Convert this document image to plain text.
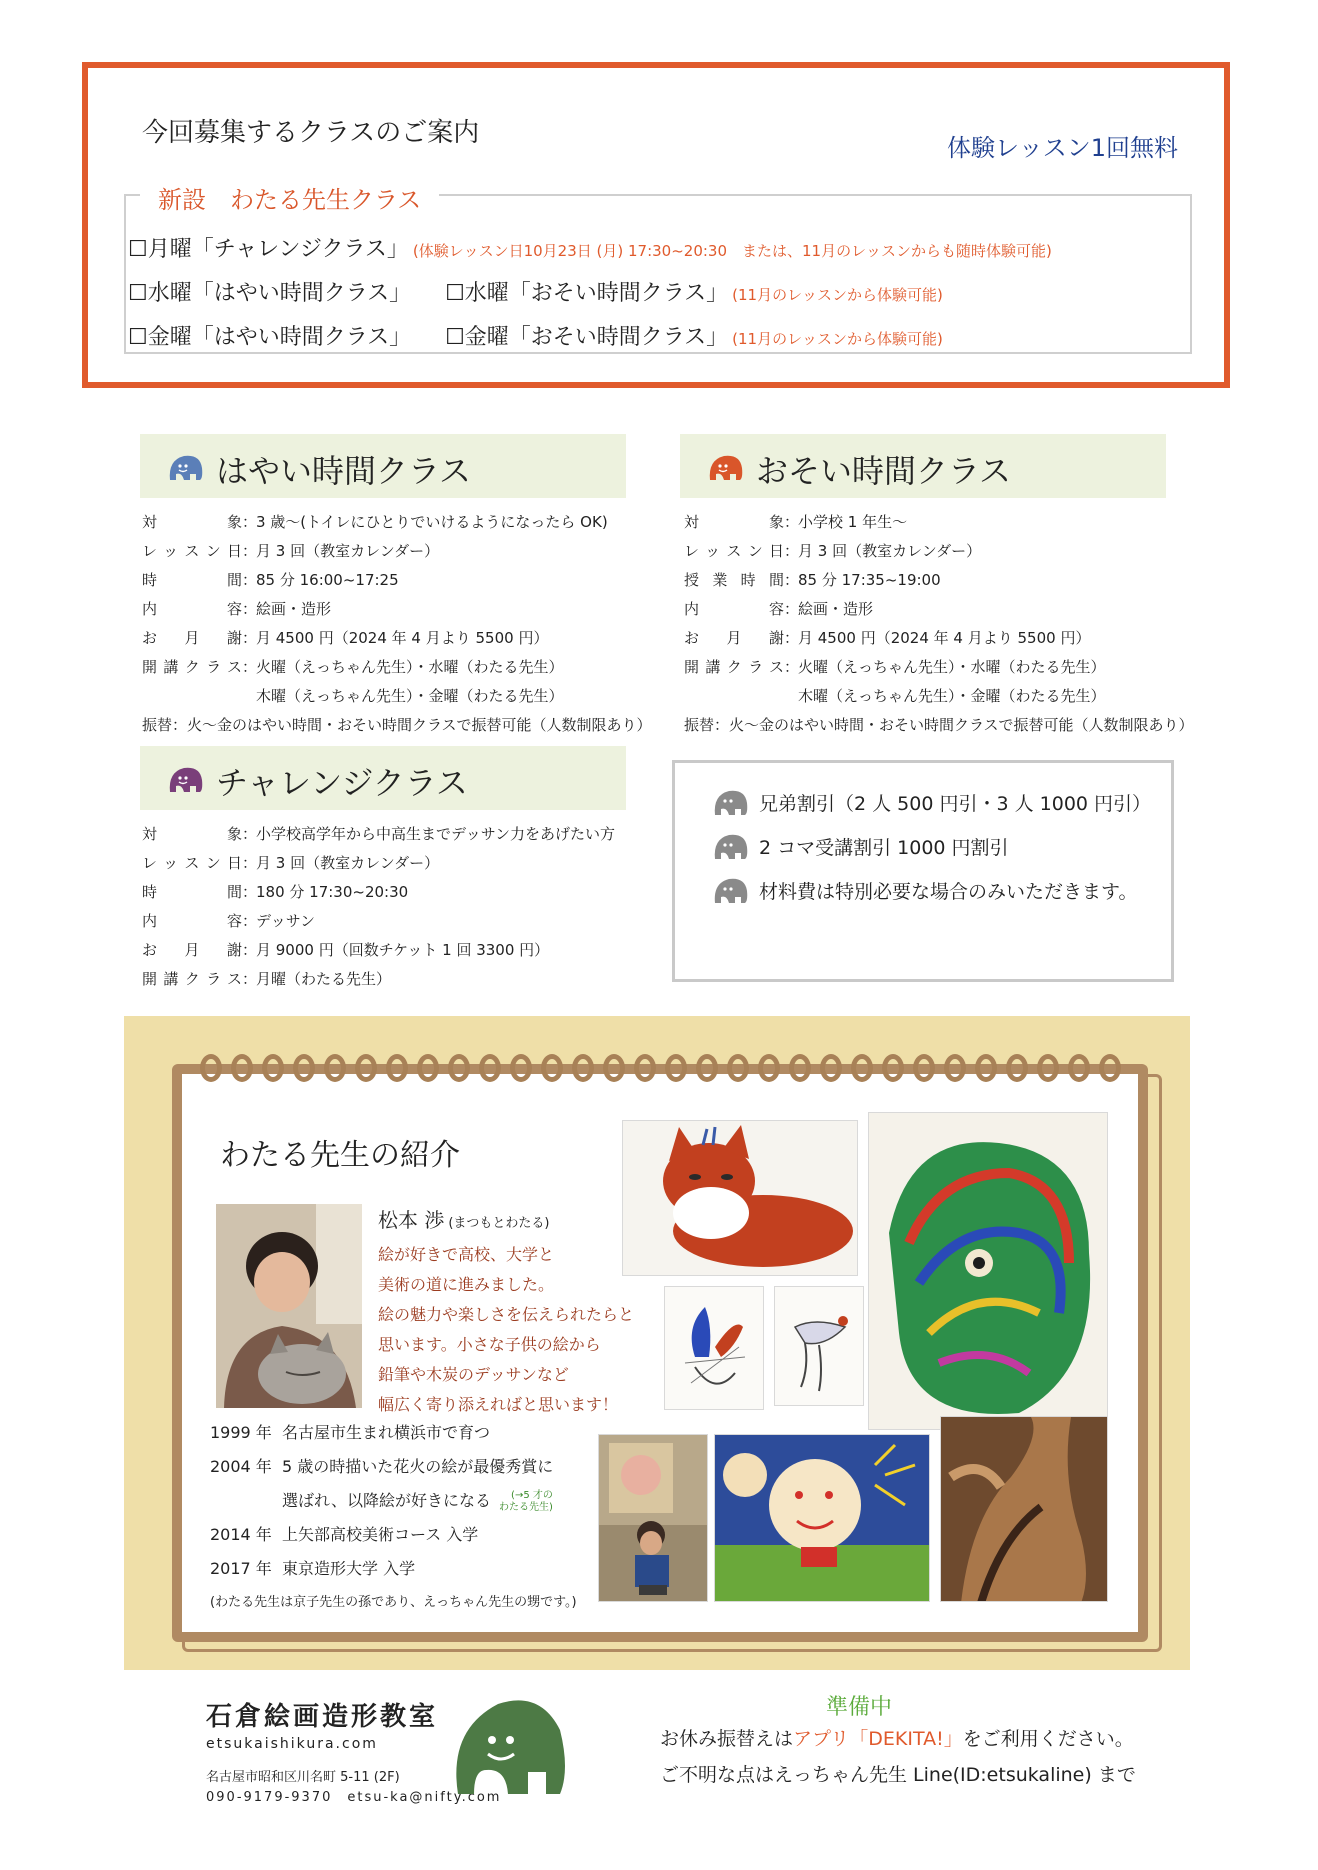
今回募集するクラスのご案内	体験レッスン1回無料
新設　わたる先生クラス
☐月曜「チャレンジクラス」 (体験レッスン日10月23日 (月) 17:30~20:30　または、11月のレッスンからも随時体験可能)
☐水曜「はやい時間クラス」 ☐水曜「おそい時間クラス」 (11月のレッスンから体験可能)
☐金曜「はやい時間クラス」 ☐金曜「おそい時間クラス」 (11月のレッスンから体験可能)
はやい時間クラス
対　　象 ：
3 歳〜(トイレにひとりでいけるようになったら OK)
レッスン日 ：
月 3 回（教室カレンダー）
時　　間 ：
85 分 16:00~17:25
内　　容 ：
絵画・造形
お　月　謝 ：
月 4500 円（2024 年 4 月より 5500 円）
開講クラス ：
火曜（えっちゃん先生）・水曜（わたる先生）
木曜（えっちゃん先生）・金曜（わたる先生）
振替：火〜金のはやい時間・おそい時間クラスで振替可能（人数制限あり）
おそい時間クラス
対　　象 ：
小学校 1 年生〜
レッスン日 ：
月 3 回（教室カレンダー）
授業時間 ：
85 分 17:35~19:00
内　　容 ：
絵画・造形
お　月　謝 ：
月 4500 円（2024 年 4 月より 5500 円）
開講クラス ：
火曜（えっちゃん先生）・水曜（わたる先生）
木曜（えっちゃん先生）・金曜（わたる先生）
振替：火〜金のはやい時間・おそい時間クラスで振替可能（人数制限あり）
チャレンジクラス
対　　象 ：
小学校高学年から中高生までデッサン力をあげたい方
レッスン日 ：
月 3 回（教室カレンダー）
時　　間 ：
180 分 17:30~20:30
内　　容 ：
デッサン
お　月　謝 ：
月 9000 円（回数チケット 1 回 3300 円）
開講クラス ：
月曜（わたる先生）
兄弟割引（2 人 500 円引・3 人 1000 円引）
2 コマ受講割引 1000 円割引
材料費は特別必要な場合のみいただきます。
わたる先生の紹介
松本 渉 (まつもとわたる)
絵が好きで高校、大学と
美術の道に進みました。
絵の魅力や楽しさを伝えられたらと
思います。小さな子供の絵から
鉛筆や木炭のデッサンなど
幅広く寄り添えればと思います！
1999 年 名古屋市生まれ横浜市で育つ
2004 年 5 歳の時描いた花火の絵が最優秀賞に
選ばれ、以降絵が好きになる (→5 才の
わたる先生)
2014 年 上矢部高校美術コース 入学
2017 年 東京造形大学 入学
(わたる先生は京子先生の孫であり、えっちゃん先生の甥です。)
石倉絵画造形教室
etsukaishikura.com
名古屋市昭和区川名町 5-11 (2F)
090-9179-9370　etsu-ka@nifty.com
準備中
お休み振替えはアプリ「DEKITA!」をご利用ください。
ご不明な点はえっちゃん先生 Line(ID:etsukaline) まで
